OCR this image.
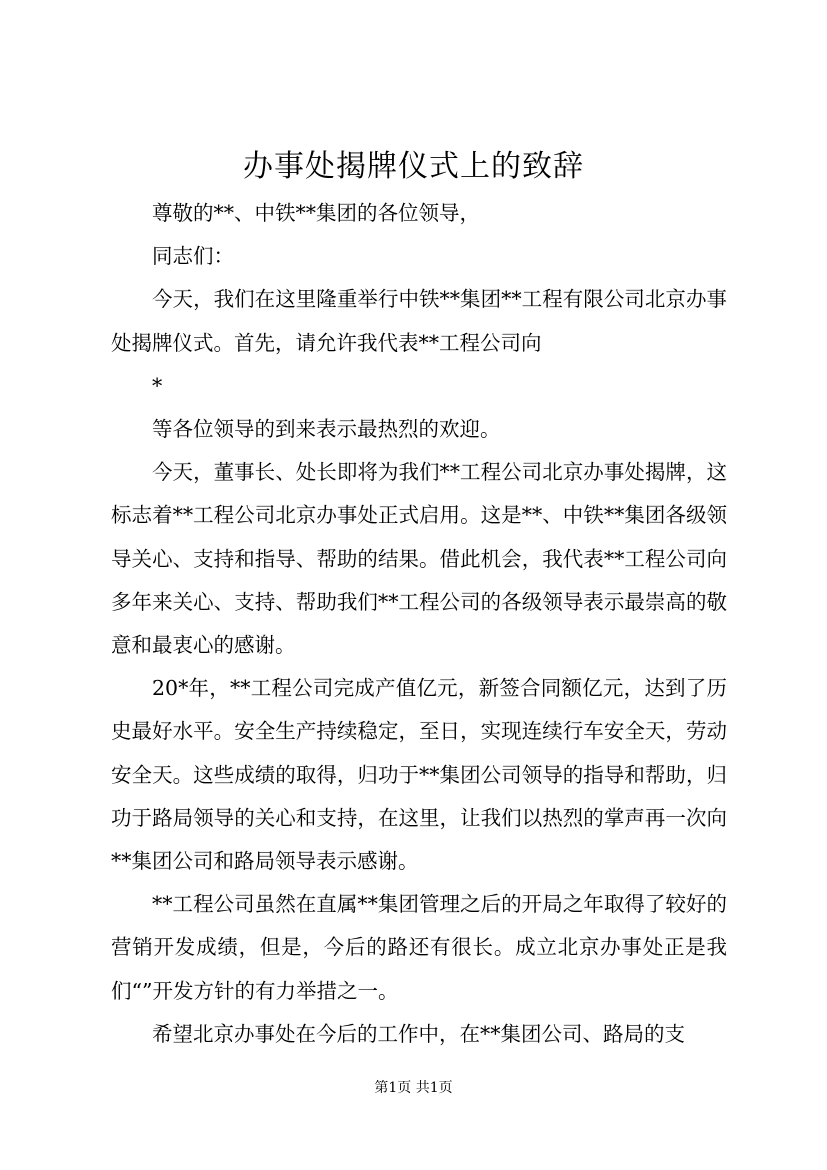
办事处揭牌仪式上的致辞

尊敬的**、中铁**集团的各位领导，

同志们：

今天，我们在这里隆重举行中铁**集团**工程有限公司北京办事处揭牌仪式。首先，请允许我代表**工程公司向

*

等各位领导的到来表示最热烈的欢迎。

今天，董事长、处长即将为我们**工程公司北京办事处揭牌，这标志着**工程公司北京办事处正式启用。这是**、中铁**集团各级领导关心、支持和指导、帮助的结果。借此机会，我代表**工程公司向多年来关心、支持、帮助我们**工程公司的各级领导表示最崇高的敬意和最衷心的感谢。

20*年，**工程公司完成产值亿元，新签合同额亿元，达到了历史最好水平。安全生产持续稳定，至日，实现连续行车安全天，劳动安全天。这些成绩的取得，归功于**集团公司领导的指导和帮助，归功于路局领导的关心和支持，在这里，让我们以热烈的掌声再一次向**集团公司和路局领导表示感谢。

**工程公司虽然在直属**集团管理之后的开局之年取得了较好的营销开发成绩，但是，今后的路还有很长。成立北京办事处正是我们“”开发方针的有力举措之一。

希望北京办事处在今后的工作中，在**集团公司、路局的支

第1页 共1页
